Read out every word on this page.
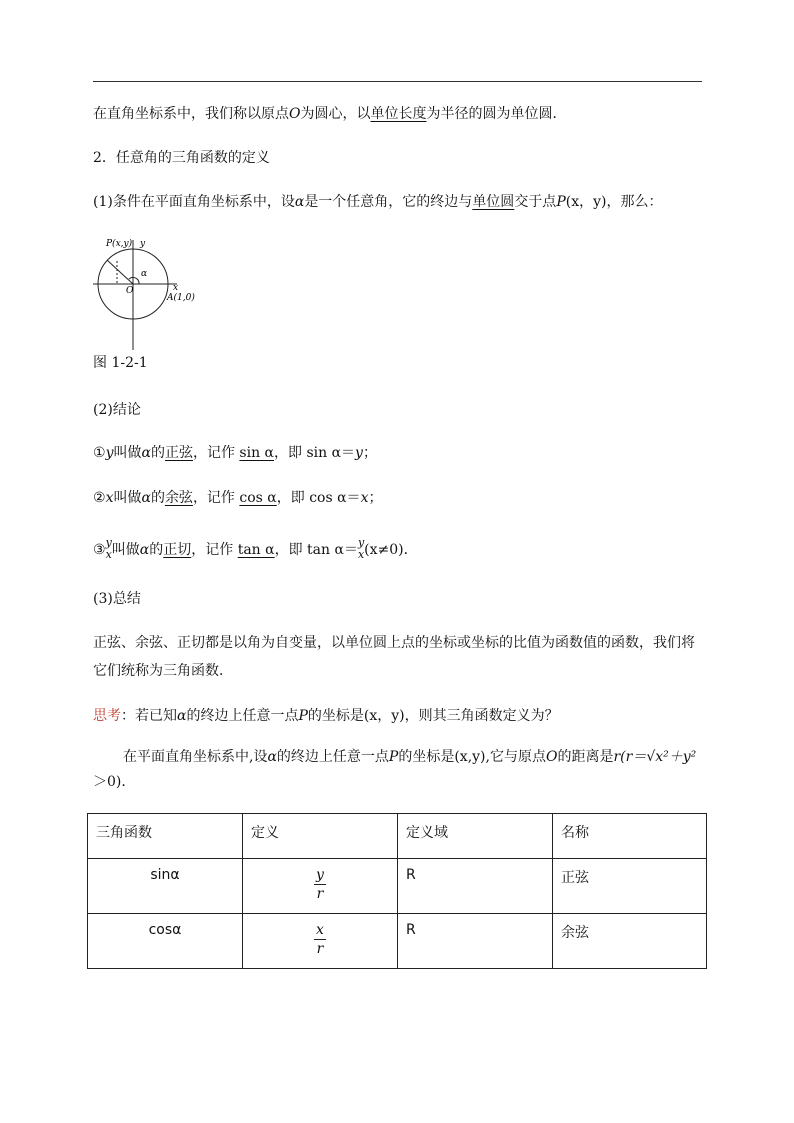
在直角坐标系中，我们称以原点O为圆心，以单位长度为半径的圆为单位圆．
2．任意角的三角函数的定义
(1)条件在平面直角坐标系中，设α是一个任意角，它的终边与单位圆交于点P(x，y)，那么：
P(x,y) y
α
x
O
A(1,0)
图 1-2-1
(2)结论
①y叫做α的正弦，记作 sin α，即 sin α＝y；
②x叫做α的余弦，记作 cos α，即 cos α＝x；
③ y
x 叫做α的正切，记作 tan α，即 tan α＝ y
x (x≠0)．
(3)总结
正弦、余弦、正切都是以角为自变量，以单位圆上点的坐标或坐标的比值为函数值的函数，我们将
它们统称为三角函数．
思考：若已知α的终边上任意一点P的坐标是(x，y)，则其三角函数定义为？
在平面直角坐标系中,设α的终边上任意一点P的坐标是(x,y),它与原点O的距离是r(r＝√x²＋y²
＞0)．
三角函数	定义	定义域	名称
sinα	$\frac{y}{r}$	R	正弦
cosα	$\frac{x}{r}$	R	余弦
